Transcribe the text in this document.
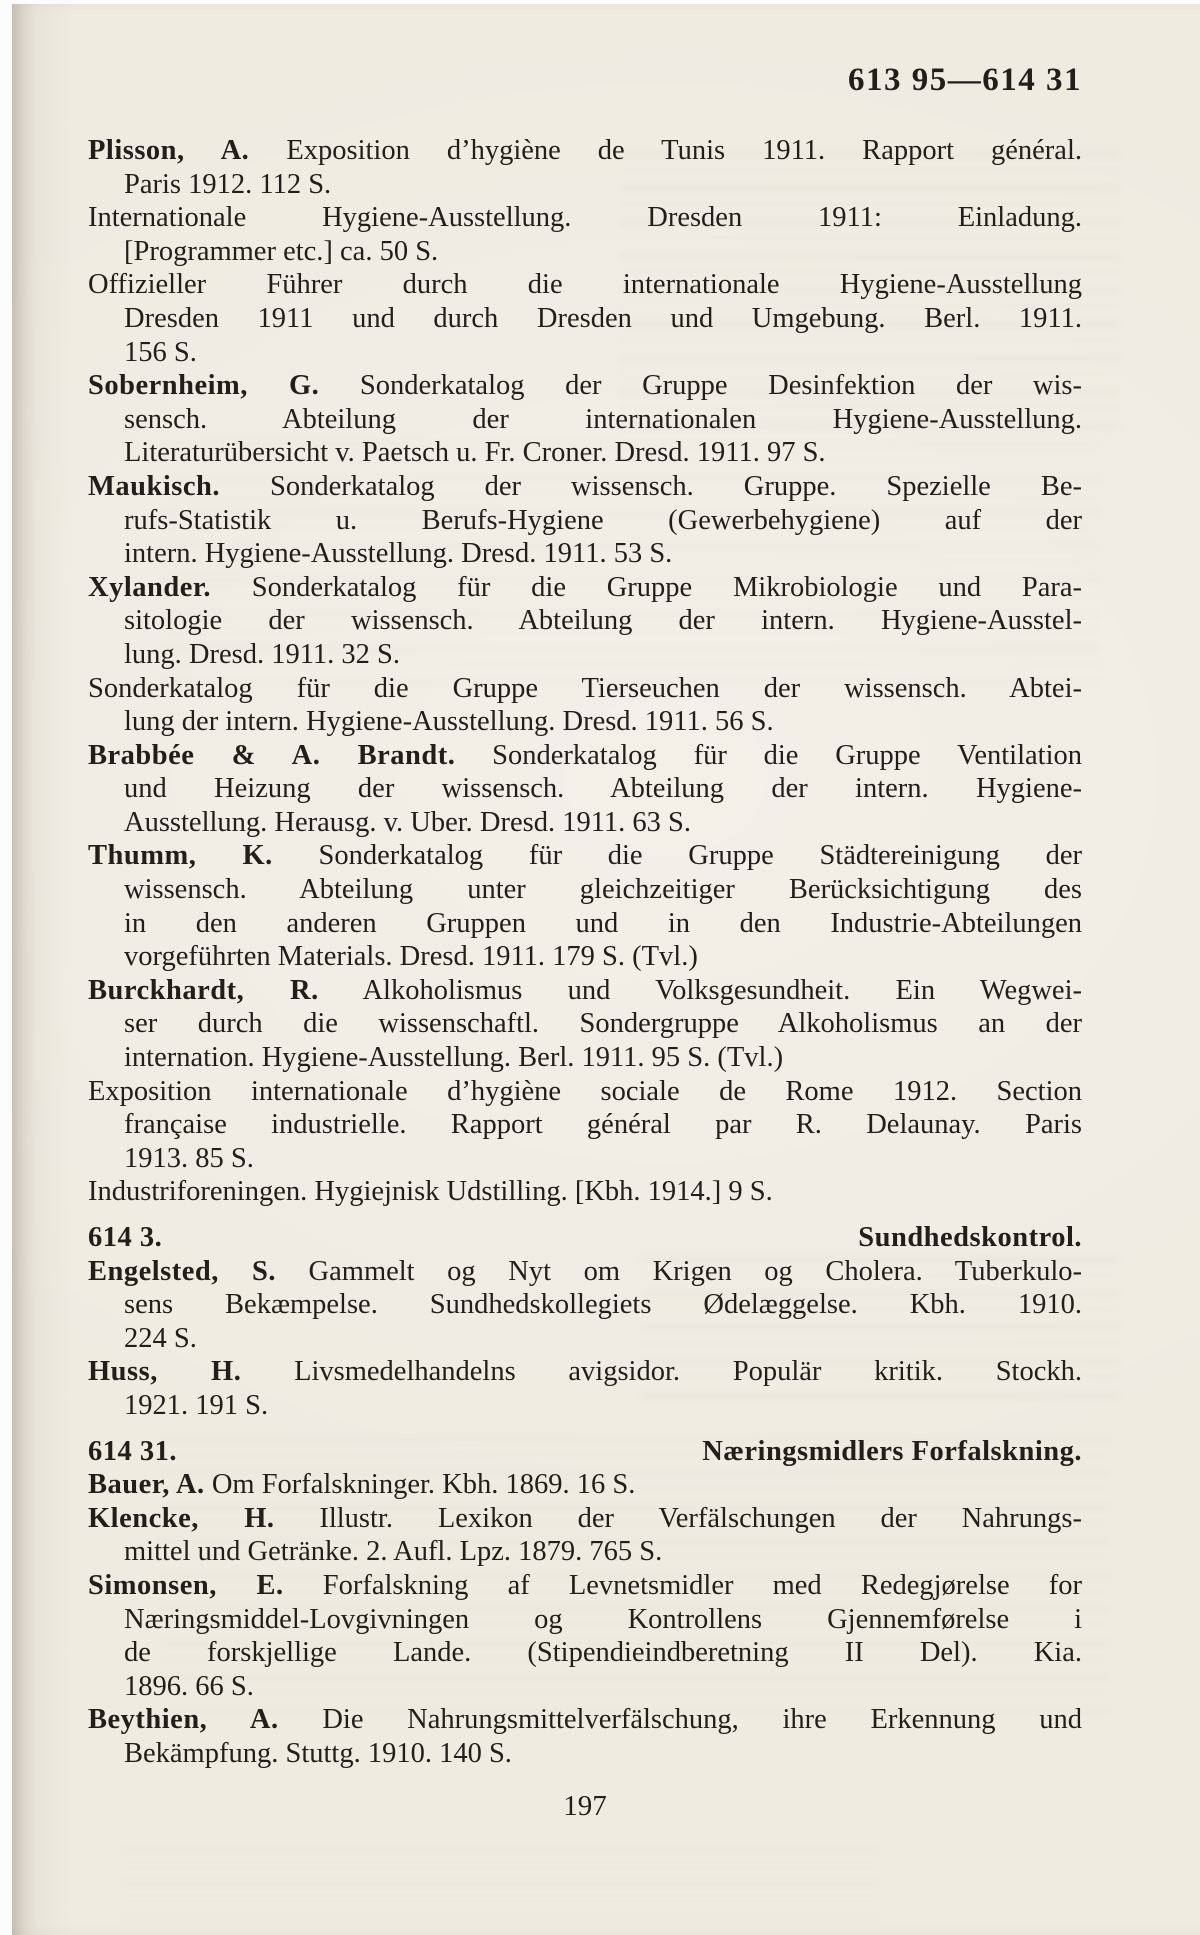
613 95—614 31
Plisson, A. Exposition d’hygiène de Tunis 1911. Rapport général.
Paris 1912. 112 S.
Internationale Hygiene-Ausstellung. Dresden 1911: Einladung.
[Programmer etc.] ca. 50 S.
Offizieller Führer durch die internationale Hygiene-Ausstellung
Dresden 1911 und durch Dresden und Umgebung. Berl. 1911.
156 S.
Sobernheim, G. Sonderkatalog der Gruppe Desinfektion der wis-
sensch. Abteilung der internationalen Hygiene-Ausstellung.
Literaturübersicht v. Paetsch u. Fr. Croner. Dresd. 1911. 97 S.
Maukisch. Sonderkatalog der wissensch. Gruppe. Spezielle Be-
rufs-Statistik u. Berufs-Hygiene (Gewerbehygiene) auf der
intern. Hygiene-Ausstellung. Dresd. 1911. 53 S.
Xylander. Sonderkatalog für die Gruppe Mikrobiologie und Para-
sitologie der wissensch. Abteilung der intern. Hygiene-Ausstel-
lung. Dresd. 1911. 32 S.
Sonderkatalog für die Gruppe Tierseuchen der wissensch. Abtei-
lung der intern. Hygiene-Ausstellung. Dresd. 1911. 56 S.
Brabbée & A. Brandt. Sonderkatalog für die Gruppe Ventilation
und Heizung der wissensch. Abteilung der intern. Hygiene-
Ausstellung. Herausg. v. Uber. Dresd. 1911. 63 S.
Thumm, K. Sonderkatalog für die Gruppe Städtereinigung der
wissensch. Abteilung unter gleichzeitiger Berücksichtigung des
in den anderen Gruppen und in den Industrie-Abteilungen
vorgeführten Materials. Dresd. 1911. 179 S. (Tvl.)
Burckhardt, R. Alkoholismus und Volksgesundheit. Ein Wegwei-
ser durch die wissenschaftl. Sondergruppe Alkoholismus an der
internation. Hygiene-Ausstellung. Berl. 1911. 95 S. (Tvl.)
Exposition internationale d’hygiène sociale de Rome 1912. Section
française industrielle. Rapport général par R. Delaunay. Paris
1913. 85 S.
Industriforeningen. Hygiejnisk Udstilling. [Kbh. 1914.] 9 S.
614 3.	Sundhedskontrol.
Engelsted, S. Gammelt og Nyt om Krigen og Cholera. Tuberkulo-
sens Bekæmpelse. Sundhedskollegiets Ødelæggelse. Kbh. 1910.
224 S.
Huss, H. Livsmedelhandelns avigsidor. Populär kritik. Stockh.
1921. 191 S.
614 31.	Næringsmidlers Forfalskning.
Bauer, A. Om Forfalskninger. Kbh. 1869. 16 S.
Klencke, H. Illustr. Lexikon der Verfälschungen der Nahrungs-
mittel und Getränke. 2. Aufl. Lpz. 1879. 765 S.
Simonsen, E. Forfalskning af Levnetsmidler med Redegjørelse for
Næringsmiddel-Lovgivningen og Kontrollens Gjennemførelse i
de forskjellige Lande. (Stipendieindberetning II Del). Kia.
1896. 66 S.
Beythien, A. Die Nahrungsmittelverfälschung, ihre Erkennung und
Bekämpfung. Stuttg. 1910. 140 S.
197
